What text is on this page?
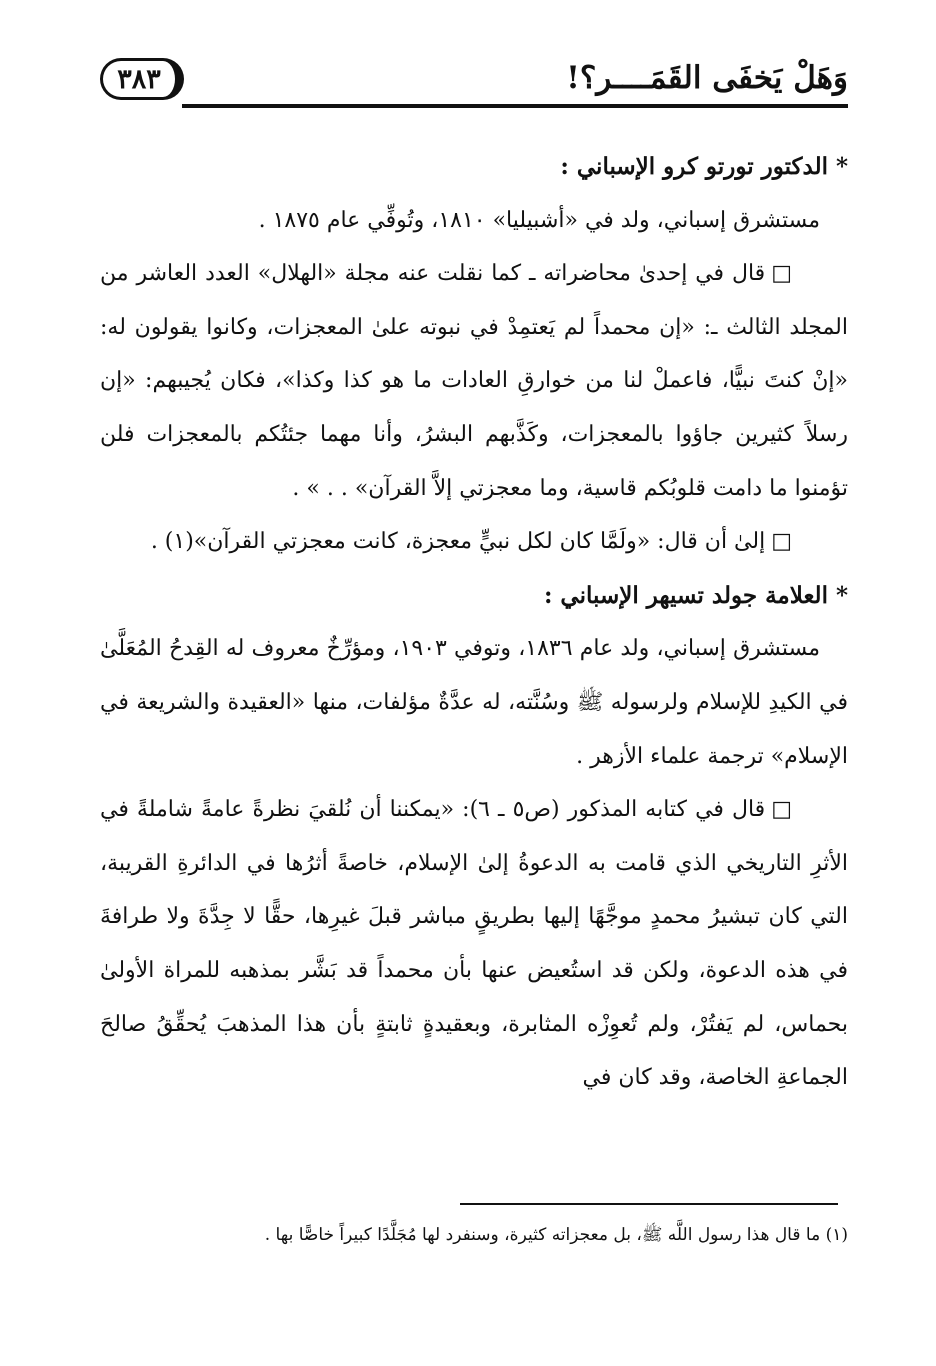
٣٨٣	وَهَلْ يَخفَى القَمَــــر؟!

* الدكتور تورتو كرو الإسباني :

مستشرق إسباني، ولد في «أشبيليا» ١٨١٠، وتُوفِّي عام ١٨٧٥ .

□قال في إحدىٰ محاضراته ـ كما نقلت عنه مجلة «الهلال» العدد العاشر من المجلد الثالث ـ: «إن محمداً لم يَعتمِدْ في نبوته علىٰ المعجزات، وكانوا يقولون له: «إنْ كنتَ نبيًّا، فاعملْ لنا من خوارقِ العادات ما هو كذا وكذا»، فكان يُجيبهم: «إن رسلاً كثيرين جاؤوا بالمعجزات، وكَذَّبهم البشرُ، وأنا مهما جئتُكم بالمعجزات فلن تؤمنوا ما دامت قلوبُكم قاسية، وما معجزتي إلاَّ القرآن» . . » .

□إلىٰ أن قال: «ولَمَّا كان لكل نبيٍّ معجزة، كانت معجزتي القرآن»(١) .

* العلامة جولد تسيهر الإسباني :

مستشرق إسباني، ولد عام ١٨٣٦، وتوفي ١٩٠٣، ومؤرِّخٌ معروف له القِدحُ المُعَلَّىٰ في الكيدِ للإسلام ولرسوله ﷺ وسُنَّته، له عدَّةٌ مؤلفات، منها «العقيدة والشريعة في الإسلام» ترجمة علماء الأزهر .

□قال في كتابه المذكور (ص٥ ـ ٦): «يمكننا أن نُلقيَ نظرةً عامةً شاملةً في الأثرِ التاريخي الذي قامت به الدعوةُ إلىٰ الإسلام، خاصةً أثرُها في الدائرةِ القريبة، التي كان تبشيرُ محمدٍ موجَّهًا إليها بطريقٍ مباشر قبلَ غيرِها، حقًّا لا جِدَّةَ ولا طرافةَ في هذه الدعوة، ولكن قد استُعيض عنها بأن محمداً قد بَشَّر بمذهبه للمراة الأولىٰ بحماس، لم يَفتُرْ، ولم تُعوِزْه المثابرة، وبعقيدةٍ ثابتةٍ بأن هذا المذهبَ يُحقِّقُ صالحَ الجماعةِ الخاصة، وقد كان في

(١) ما قال هذا رسول اللَّه ﷺ، بل معجزاته كثيرة، وسنفرد لها مُجَلَّدًا كبيراً خاصًّا بها .
